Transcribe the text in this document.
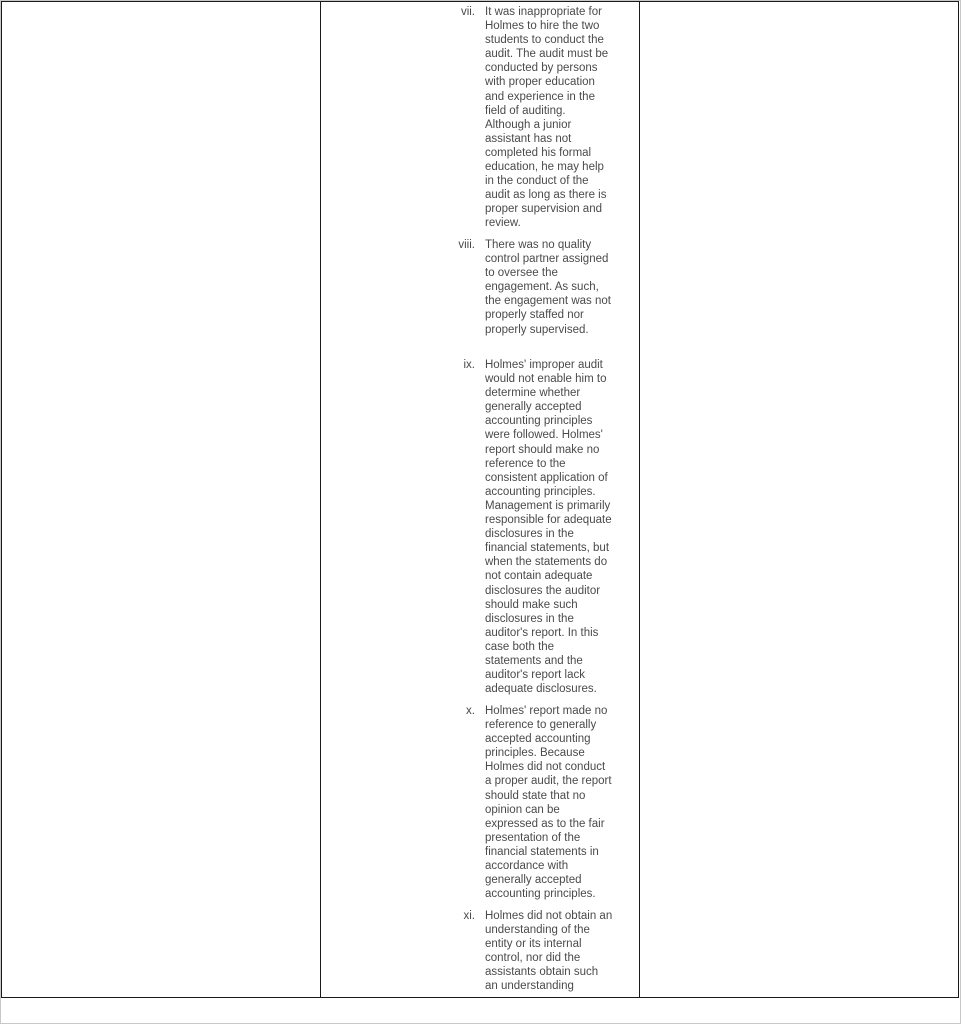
vii. It was inappropriate for
Holmes to hire the two
students to conduct the
audit. The audit must be
conducted by persons
with proper education
and experience in the
field of auditing.
Although a junior
assistant has not
completed his formal
education, he may help
in the conduct of the
audit as long as there is
proper supervision and
review.
viii. There was no quality
control partner assigned
to oversee the
engagement. As such,
the engagement was not
properly staffed nor
properly supervised.
ix. Holmes' improper audit
would not enable him to
determine whether
generally accepted
accounting principles
were followed. Holmes'
report should make no
reference to the
consistent application of
accounting principles.
Management is primarily
responsible for adequate
disclosures in the
financial statements, but
when the statements do
not contain adequate
disclosures the auditor
should make such
disclosures in the
auditor's report. In this
case both the
statements and the
auditor's report lack
adequate disclosures.
x. Holmes' report made no
reference to generally
accepted accounting
principles. Because
Holmes did not conduct
a proper audit, the report
should state that no
opinion can be
expressed as to the fair
presentation of the
financial statements in
accordance with
generally accepted
accounting principles.
xi. Holmes did not obtain an
understanding of the
entity or its internal
control, nor did the
assistants obtain such
an understanding
